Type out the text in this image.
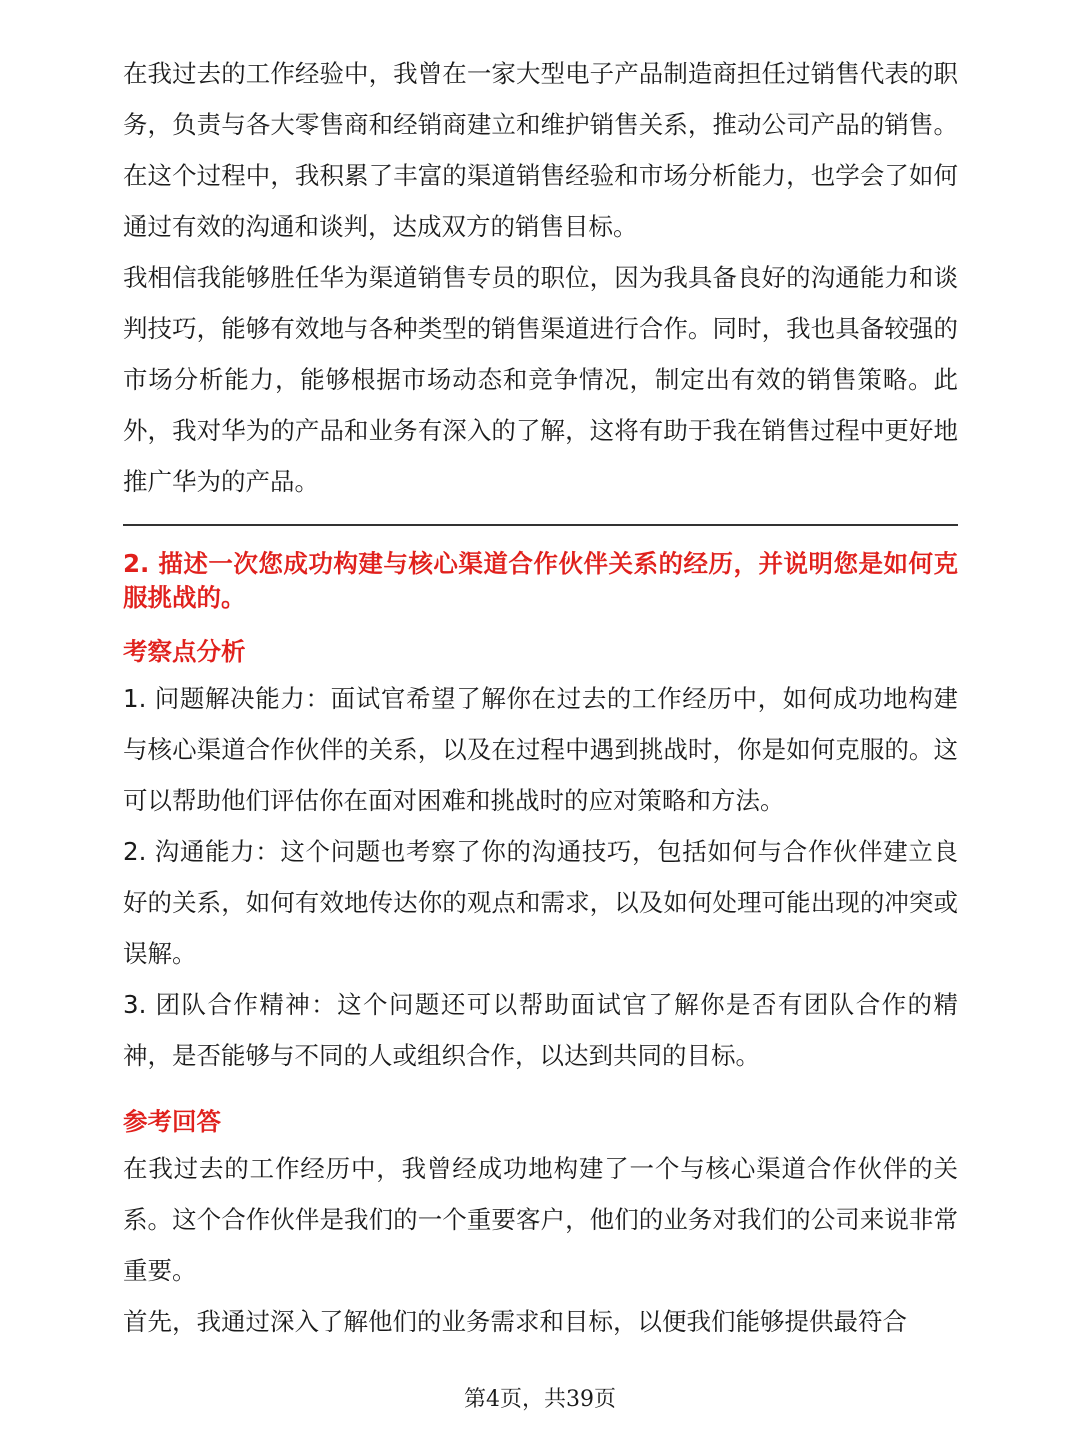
在我过去的工作经验中，我曾在一家大型电子产品制造商担任过销售代表的职务，负责与各大零售商和经销商建立和维护销售关系，推动公司产品的销售。在这个过程中，我积累了丰富的渠道销售经验和市场分析能力，也学会了如何通过有效的沟通和谈判，达成双方的销售目标。

我相信我能够胜任华为渠道销售专员的职位，因为我具备良好的沟通能力和谈判技巧，能够有效地与各种类型的销售渠道进行合作。同时，我也具备较强的市场分析能力，能够根据市场动态和竞争情况，制定出有效的销售策略。此外，我对华为的产品和业务有深入的了解，这将有助于我在销售过程中更好地推广华为的产品。

2. 描述一次您成功构建与核心渠道合作伙伴关系的经历，并说明您是如何克服挑战的。

考察点分析

1. 问题解决能力：面试官希望了解你在过去的工作经历中，如何成功地构建与核心渠道合作伙伴的关系，以及在过程中遇到挑战时，你是如何克服的。这可以帮助他们评估你在面对困难和挑战时的应对策略和方法。

2. 沟通能力：这个问题也考察了你的沟通技巧，包括如何与合作伙伴建立良好的关系，如何有效地传达你的观点和需求，以及如何处理可能出现的冲突或误解。

3. 团队合作精神：这个问题还可以帮助面试官了解你是否有团队合作的精神，是否能够与不同的人或组织合作，以达到共同的目标。

参考回答

在我过去的工作经历中，我曾经成功地构建了一个与核心渠道合作伙伴的关系。这个合作伙伴是我们的一个重要客户，他们的业务对我们的公司来说非常重要。

首先，我通过深入了解他们的业务需求和目标，以便我们能够提供最符合

第4页，共39页
